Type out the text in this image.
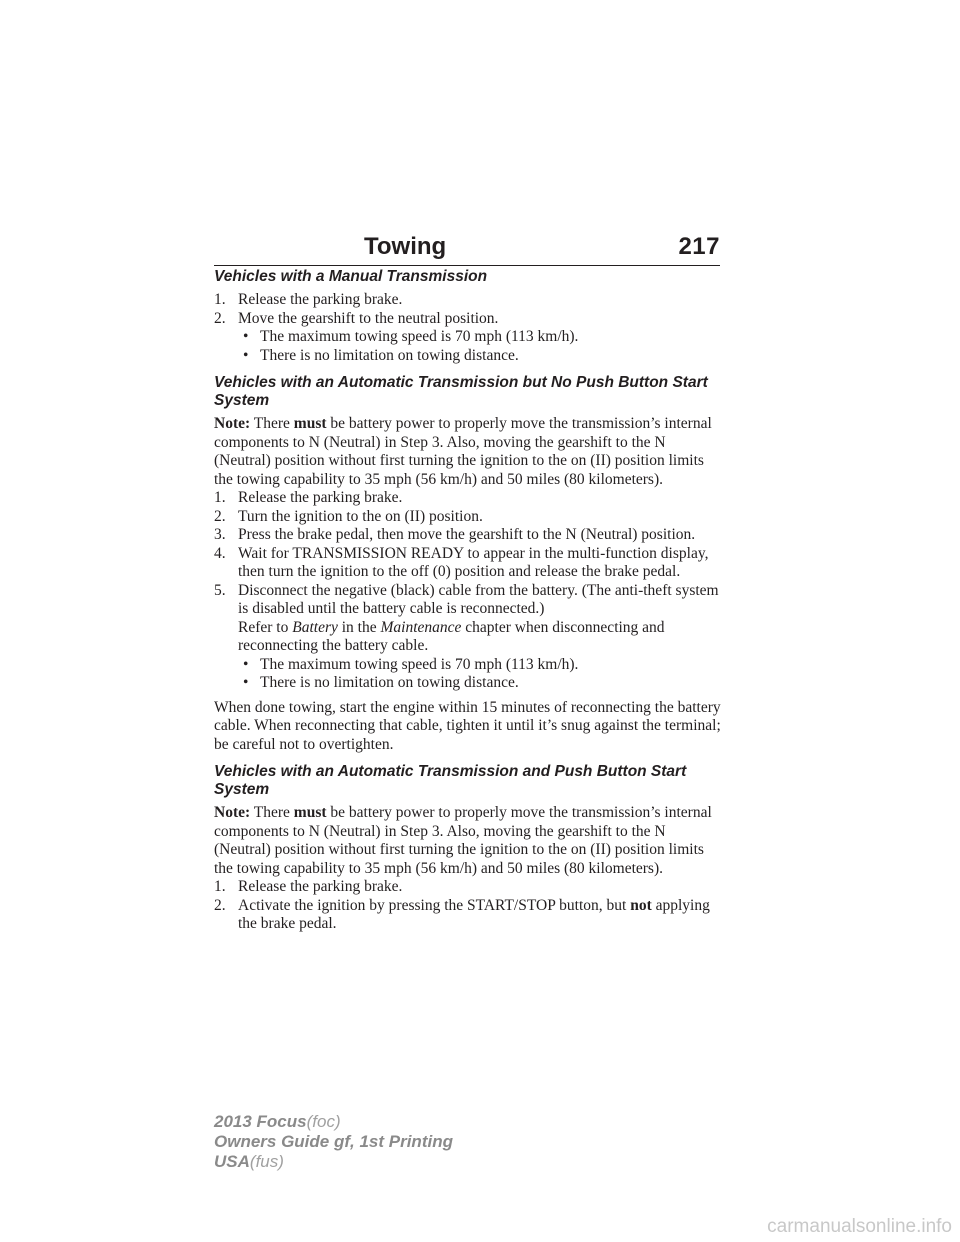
Towing	217
Vehicles with a Manual Transmission
1. Release the parking brake.
2. Move the gearshift to the neutral position.
• The maximum towing speed is 70 mph (113 km/h).
• There is no limitation on towing distance.
Vehicles with an Automatic Transmission but No Push Button Start
System

Note: There must be battery power to properly move the transmission’s internal components to N (Neutral) in Step 3. Also, moving the gearshift to the N (Neutral) position without first turning the ignition to the on (II) position limits the towing capability to 35 mph (56 km/h) and 50 miles (80 kilometers).

1. Release the parking brake.
2. Turn the ignition to the on (II) position.
3. Press the brake pedal, then move the gearshift to the N (Neutral) position.
4. Wait for TRANSMISSION READY to appear in the multi-function display, then turn the ignition to the off (0) position and release the brake pedal.
5. Disconnect the negative (black) cable from the battery. (The anti-theft system is disabled until the battery cable is reconnected.)
Refer to Battery in the Maintenance chapter when disconnecting and reconnecting the battery cable.
• The maximum towing speed is 70 mph (113 km/h).
• There is no limitation on towing distance.

When done towing, start the engine within 15 minutes of reconnecting the battery cable. When reconnecting that cable, tighten it until it’s snug against the terminal; be careful not to overtighten.

Vehicles with an Automatic Transmission and Push Button Start
System

Note: There must be battery power to properly move the transmission’s internal components to N (Neutral) in Step 3. Also, moving the gearshift to the N (Neutral) position without first turning the ignition to the on (II) position limits the towing capability to 35 mph (56 km/h) and 50 miles (80 kilometers).

1. Release the parking brake.
2. Activate the ignition by pressing the START/STOP button, but not applying the brake pedal.
2013 Focus(foc)
Owners Guide gf, 1st Printing
USA(fus)
carmanualsonline.info
